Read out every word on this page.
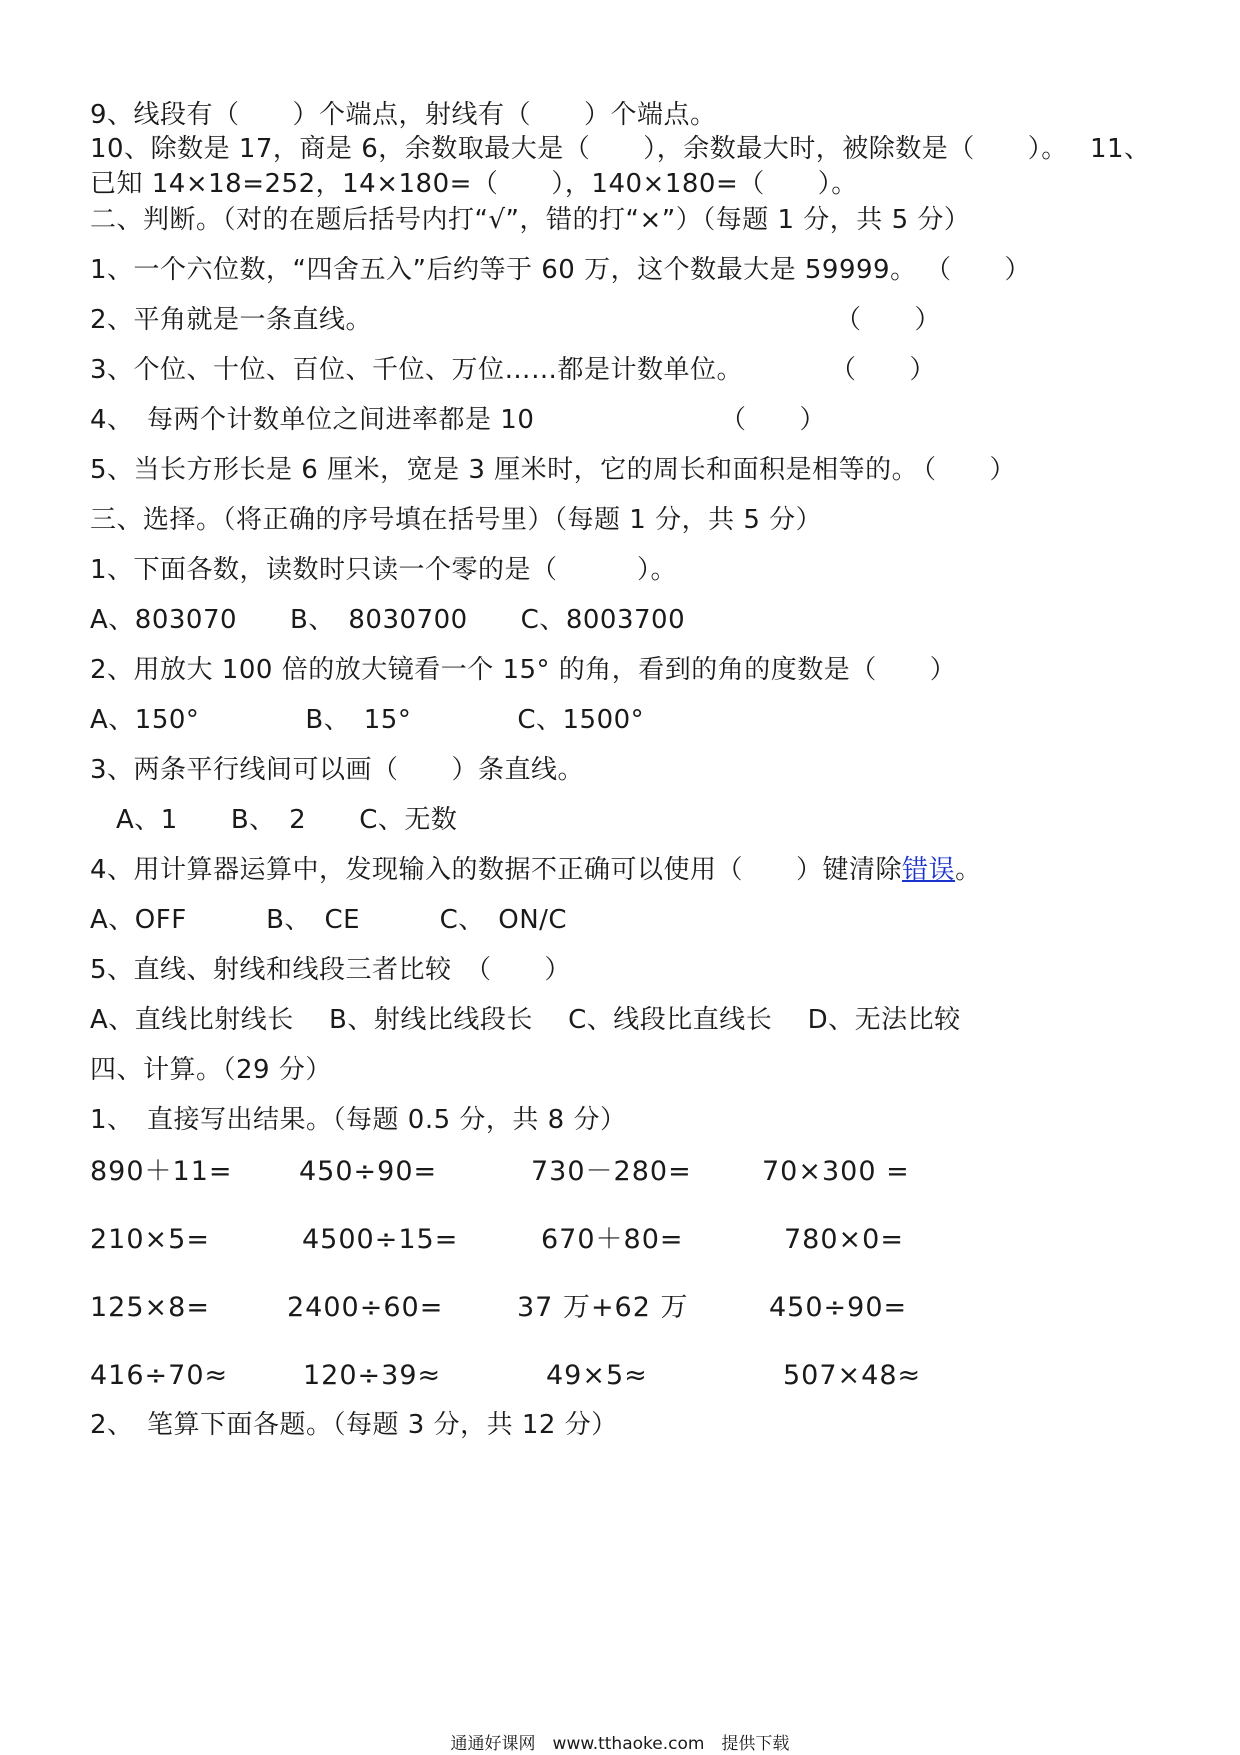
9、线段有（　　）个端点，射线有（　　）个端点。
10、除数是 17，商是 6，余数取最大是（　　），余数最大时，被除数是（　　）。　 11、
已知 14×18=252，14×180=（　　），140×180=（　　）。
二、判断。（对的在题后括号内打“√”，错的打“×”）（每题 1 分，共 5 分）
1、一个六位数，“四舍五入”后约等于 60 万，这个数最大是 59999。 （　　）
2、平角就是一条直线。	（　　）
3、个位、十位、百位、千位、万位……都是计数单位。	（　　）
4、　每两个计数单位之间进率都是 10	（　　）
5、当长方形长是 6 厘米，宽是 3 厘米时，它的周长和面积是相等的。
（　　）
三、选择。（将正确的序号填在括号里）（每题 1 分，共 5 分）
1、下面各数，读数时只读一个零的是（　　　）。
A、803070　　B、　8030700　　C、8003700
2、用放大 100 倍的放大镜看一个 15° 的角，看到的角的度数是（　　）
A、150°　　　　B、　15°　　　　C、1500°
3、两条平行线间可以画（　　）条直线。
A、1　　B、　2　　C、无数
4、用计算器运算中，发现输入的数据不正确可以使用（　　）键清除错误。
A、OFF　　　B、　CE　　　C、　ON/C
5、直线、射线和线段三者比较　（　　）
A、直线比射线长　 B、射线比线段长　 C、线段比直线长　 D、无法比较
四、计算。（29 分）
1、　直接写出结果。（每题 0.5 分，共 8 分）
890＋11= 450÷90=	730－280=	70×300 =
210×5=	4500÷15=	670＋80=	780×0=
125×8=	2400÷60=	37 万+62 万	450÷90=
416÷70≈	120÷39≈	49×5≈	507×48≈
2、　笔算下面各题。（每题 3 分，共 12 分）
通通好课网　www.tthaoke.com　提供下载
